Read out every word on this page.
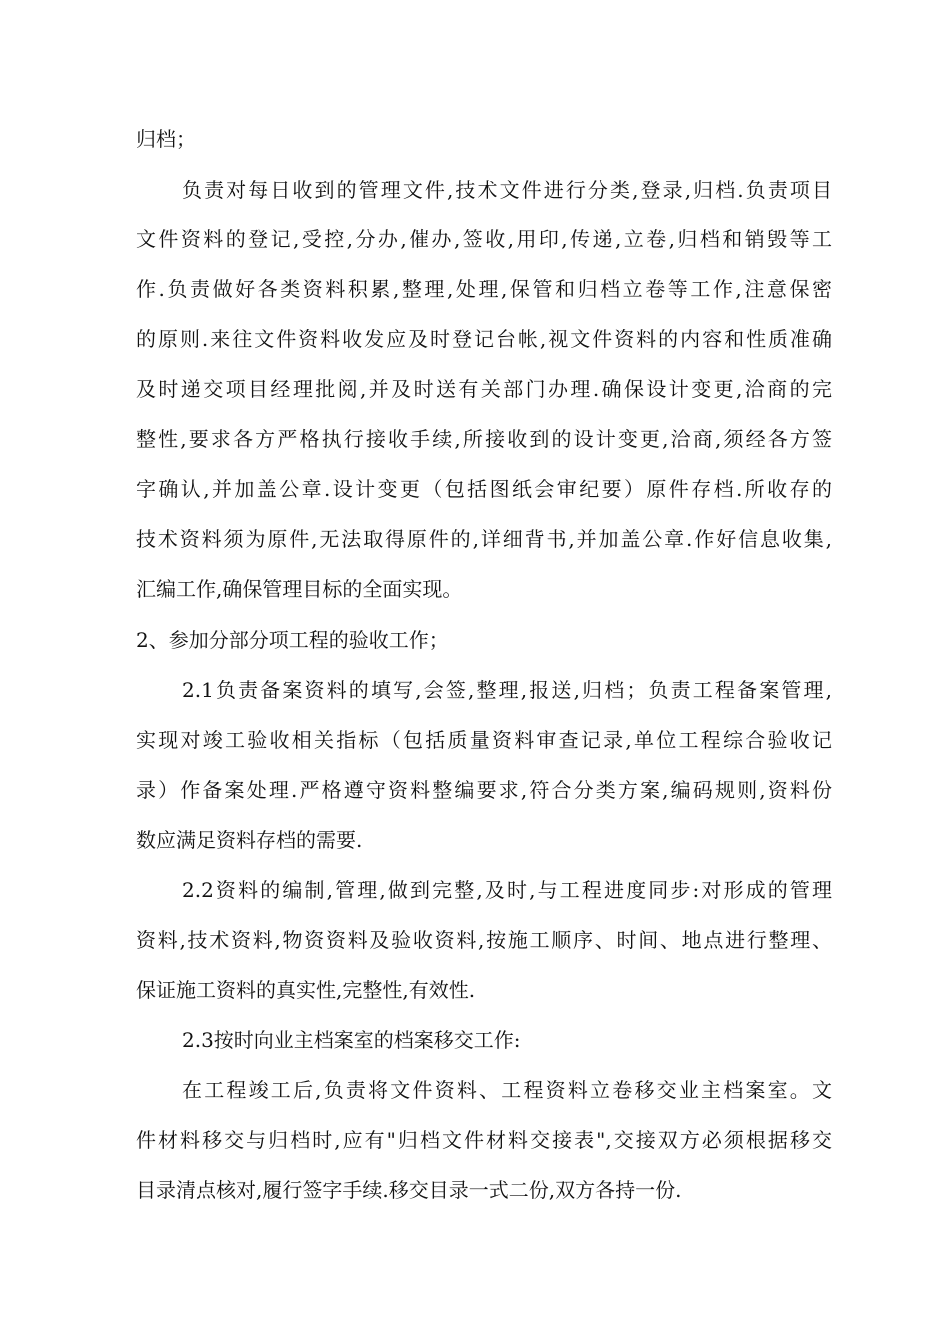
归档；
负责对每日收到的管理文件,技术文件进行分类,登录,归档.负责项目
文件资料的登记,受控,分办,催办,签收,用印,传递,立卷,归档和销毁等工
作.负责做好各类资料积累,整理,处理,保管和归档立卷等工作,注意保密
的原则.来往文件资料收发应及时登记台帐,视文件资料的内容和性质准确
及时递交项目经理批阅,并及时送有关部门办理.确保设计变更,洽商的完
整性,要求各方严格执行接收手续,所接收到的设计变更,洽商,须经各方签
字确认,并加盖公章.设计变更（包括图纸会审纪要）原件存档.所收存的
技术资料须为原件,无法取得原件的,详细背书,并加盖公章.作好信息收集,
汇编工作,确保管理目标的全面实现。
2、参加分部分项工程的验收工作；
2.1负责备案资料的填写,会签,整理,报送,归档；负责工程备案管理,
实现对竣工验收相关指标（包括质量资料审查记录,单位工程综合验收记
录）作备案处理.严格遵守资料整编要求,符合分类方案,编码规则,资料份
数应满足资料存档的需要.
2.2资料的编制,管理,做到完整,及时,与工程进度同步:对形成的管理
资料,技术资料,物资资料及验收资料,按施工顺序、时间、地点进行整理、
保证施工资料的真实性,完整性,有效性.
2.3按时向业主档案室的档案移交工作:
在工程竣工后,负责将文件资料、工程资料立卷移交业主档案室。文
件材料移交与归档时,应有"归档文件材料交接表",交接双方必须根据移交
目录清点核对,履行签字手续.移交目录一式二份,双方各持一份.
